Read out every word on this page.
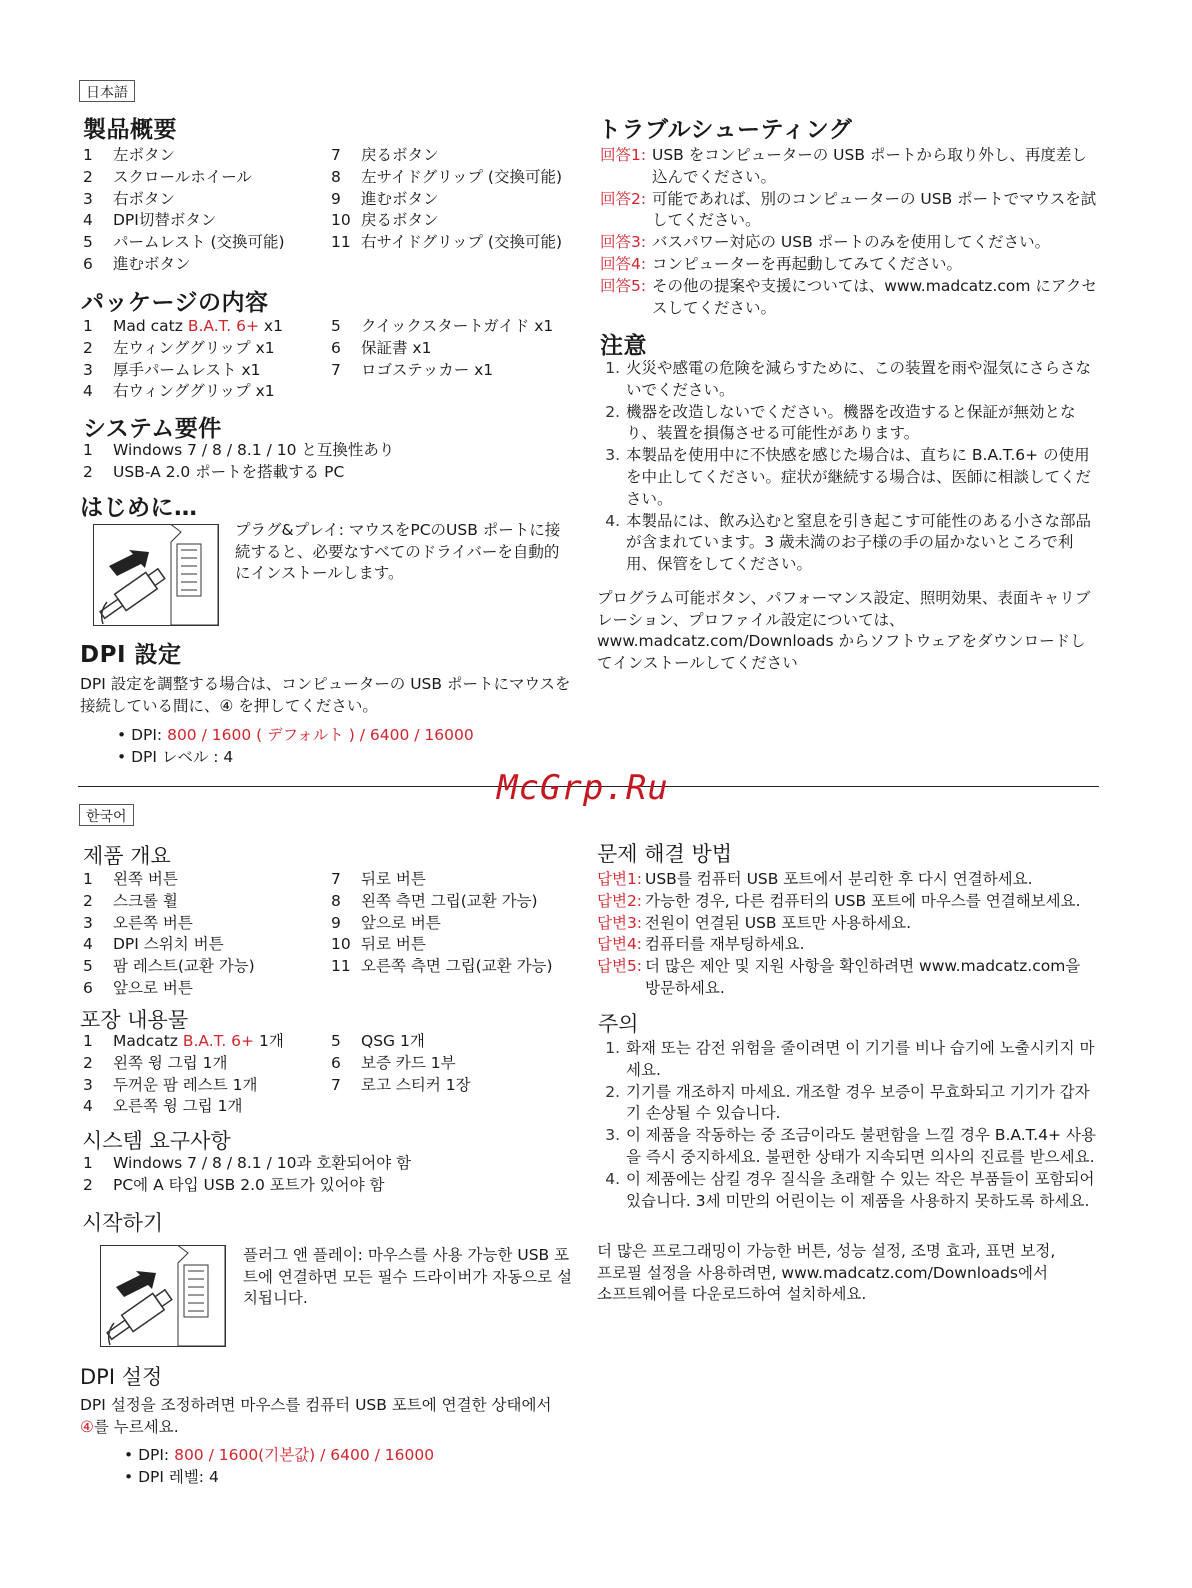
日本語
製品概要
1	左ボタン
2	スクロールホイール
3	右ボタン
4	DPI切替ボタン
5	パームレスト (交換可能)
6	進むボタン
7	戻るボタン
8	左サイドグリップ (交換可能)
9	進むボタン
10 戻るボタン
11 右サイドグリップ (交換可能)
パッケージの内容
1	Mad catz B.A.T. 6+ x1
2	左ウィンググリップ x1
3	厚手パームレスト x1
4	右ウィンググリップ x1
5	クイックスタートガイド x1
6	保証書 x1
7	ロゴステッカー x1
システム要件
1	Windows 7 / 8 / 8.1 / 10 と互換性あり
2	USB-A 2.0 ポートを搭載する PC
はじめに…
プラグ&プレイ: マウスをPCのUSB ポートに接続すると、必要なすべてのドライバーを自動的にインストールします。
DPI 設定
DPI 設定を調整する場合は、コンピューターの USB ポートにマウスを接続している間に、④ を押してください。
• DPI: 800 / 1600 ( デフォルト ) / 6400 / 16000
• DPI レベル : 4
トラブルシューティング
回答1: USB をコンピューターの USB ポートから取り外し、再度差し込んでください。
回答2: 可能であれば、別のコンピューターの USB ポートでマウスを試してください。
回答3: バスパワー対応の USB ポートのみを使用してください。
回答4: コンピューターを再起動してみてください。
回答5: その他の提案や支援については、www.madcatz.com にアクセスしてください。
注意
1. 火災や感電の危険を減らすために、この装置を雨や湿気にさらさないでください。
2. 機器を改造しないでください。機器を改造すると保証が無効となり、装置を損傷させる可能性があります。
3. 本製品を使用中に不快感を感じた場合は、直ちに B.A.T.6+ の使用を中止してください。症状が継続する場合は、医師に相談してください。
4. 本製品には、飲み込むと窒息を引き起こす可能性のある小さな部品が含まれています。3 歳未満のお子様の手の届かないところで利用、保管をしてください。
プログラム可能ボタン、パフォーマンス設定、照明効果、表面キャリブレーション、プロファイル設定については、www.madcatz.com/Downloads からソフトウェアをダウンロードしてインストールしてください
McGrp.Ru
한국어
제품 개요
1	왼쪽 버튼
2	스크롤 휠
3	오른쪽 버튼
4	DPI 스위치 버튼
5	팜 레스트(교환 가능)
6	앞으로 버튼
7	뒤로 버튼
8	왼쪽 측면 그립(교환 가능)
9	앞으로 버튼
10 뒤로 버튼
11 오른쪽 측면 그립(교환 가능)
포장 내용물
1	Madcatz B.A.T. 6+ 1개
2	왼쪽 윙 그립 1개
3	두꺼운 팜 레스트 1개
4	오른쪽 윙 그립 1개
5	QSG 1개
6	보증 카드 1부
7	로고 스티커 1장
시스템 요구사항
1	Windows 7 / 8 / 8.1 / 10과 호환되어야 함
2	PC에 A 타입 USB 2.0 포트가 있어야 함
시작하기
플러그 앤 플레이: 마우스를 사용 가능한 USB 포트에 연결하면 모든 필수 드라이버가 자동으로 설치됩니다.
DPI 설정
DPI 설정을 조정하려면 마우스를 컴퓨터 USB 포트에 연결한 상태에서
④를 누르세요.
• DPI: 800 / 1600(기본값) / 6400 / 16000
• DPI 레벨: 4
문제 해결 방법
답변1: USB를 컴퓨터 USB 포트에서 분리한 후 다시 연결하세요.
답변2: 가능한 경우, 다른 컴퓨터의 USB 포트에 마우스를 연결해보세요.
답변3: 전원이 연결된 USB 포트만 사용하세요.
답변4: 컴퓨터를 재부팅하세요.
답변5: 더 많은 제안 및 지원 사항을 확인하려면 www.madcatz.com을 방문하세요.
주의
1. 화재 또는 감전 위험을 줄이려면 이 기기를 비나 습기에 노출시키지 마세요.
2. 기기를 개조하지 마세요. 개조할 경우 보증이 무효화되고 기기가 갑자기 손상될 수 있습니다.
3. 이 제품을 작동하는 중 조금이라도 불편함을 느낄 경우 B.A.T.4+ 사용을 즉시 중지하세요. 불편한 상태가 지속되면 의사의 진료를 받으세요.
4. 이 제품에는 삼킬 경우 질식을 초래할 수 있는 작은 부품들이 포함되어 있습니다. 3세 미만의 어린이는 이 제품을 사용하지 못하도록 하세요.
더 많은 프로그래밍이 가능한 버튼, 성능 설정, 조명 효과, 표면 보정, 프로필 설정을 사용하려면, www.madcatz.com/Downloads에서 소프트웨어를 다운로드하여 설치하세요.
